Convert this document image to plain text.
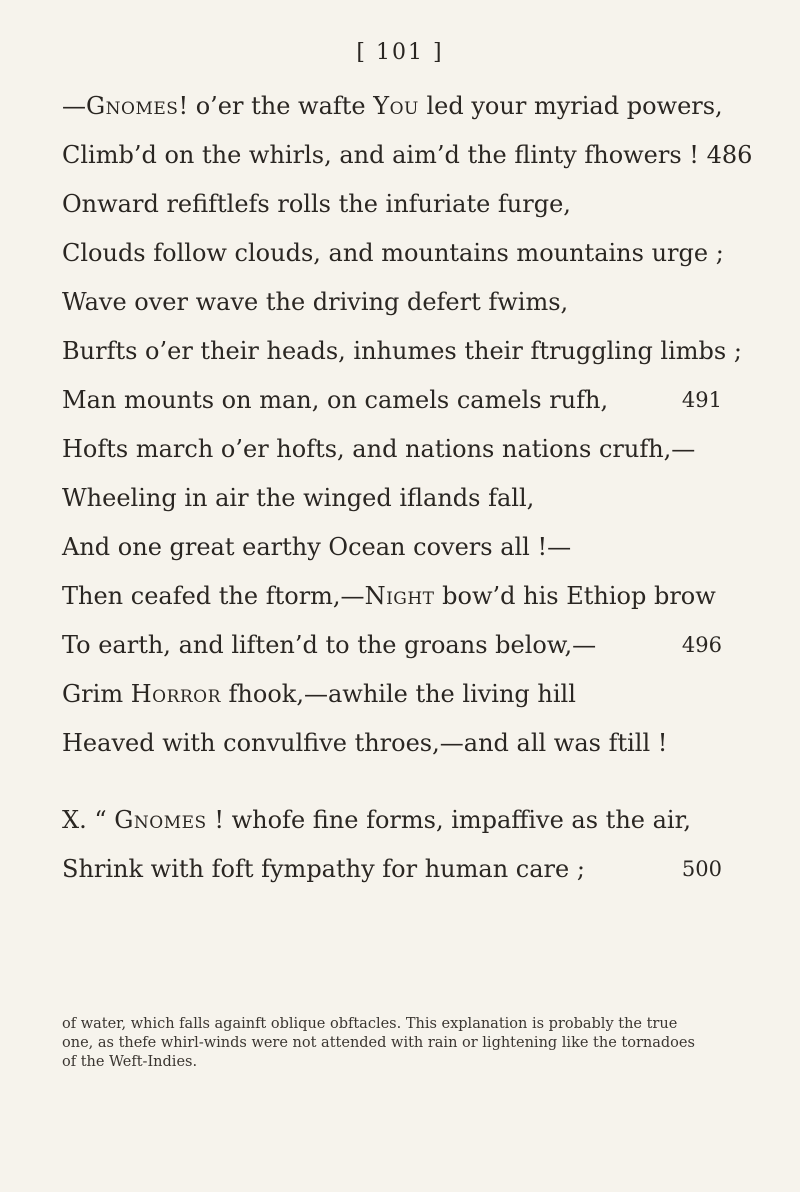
[ 101 ]
—Gnomes! o’er the wafte You led your myriad powers,
Climb’d on the whirls, and aim’d the flinty fhowers ! 486
Onward refiftlefs rolls the infuriate furge,
Clouds follow clouds, and mountains mountains urge ;
Wave over wave the driving defert fwims,
Burfts o’er their heads, inhumes their ftruggling limbs ;
Man mounts on man, on camels camels rufh,	491
Hofts march o’er hofts, and nations nations crufh,—
Wheeling in air the winged iflands fall,
And one great earthy Ocean covers all !—
Then ceafed the ftorm,—Night bow’d his Ethiop brow
To earth, and liften’d to the groans below,—	496
Grim Horror fhook,—awhile the living hill
Heaved with convulfive throes,—and all was ftill !
X. “ Gnomes ! whofe fine forms, impaffive as the air,
Shrink with foft fympathy for human care ;	500

of water, which falls againft oblique obftacles. This explanation is probably the true

one, as thefe whirl-winds were not attended with rain or lightening like the tornadoes

of the Weft-Indies.
